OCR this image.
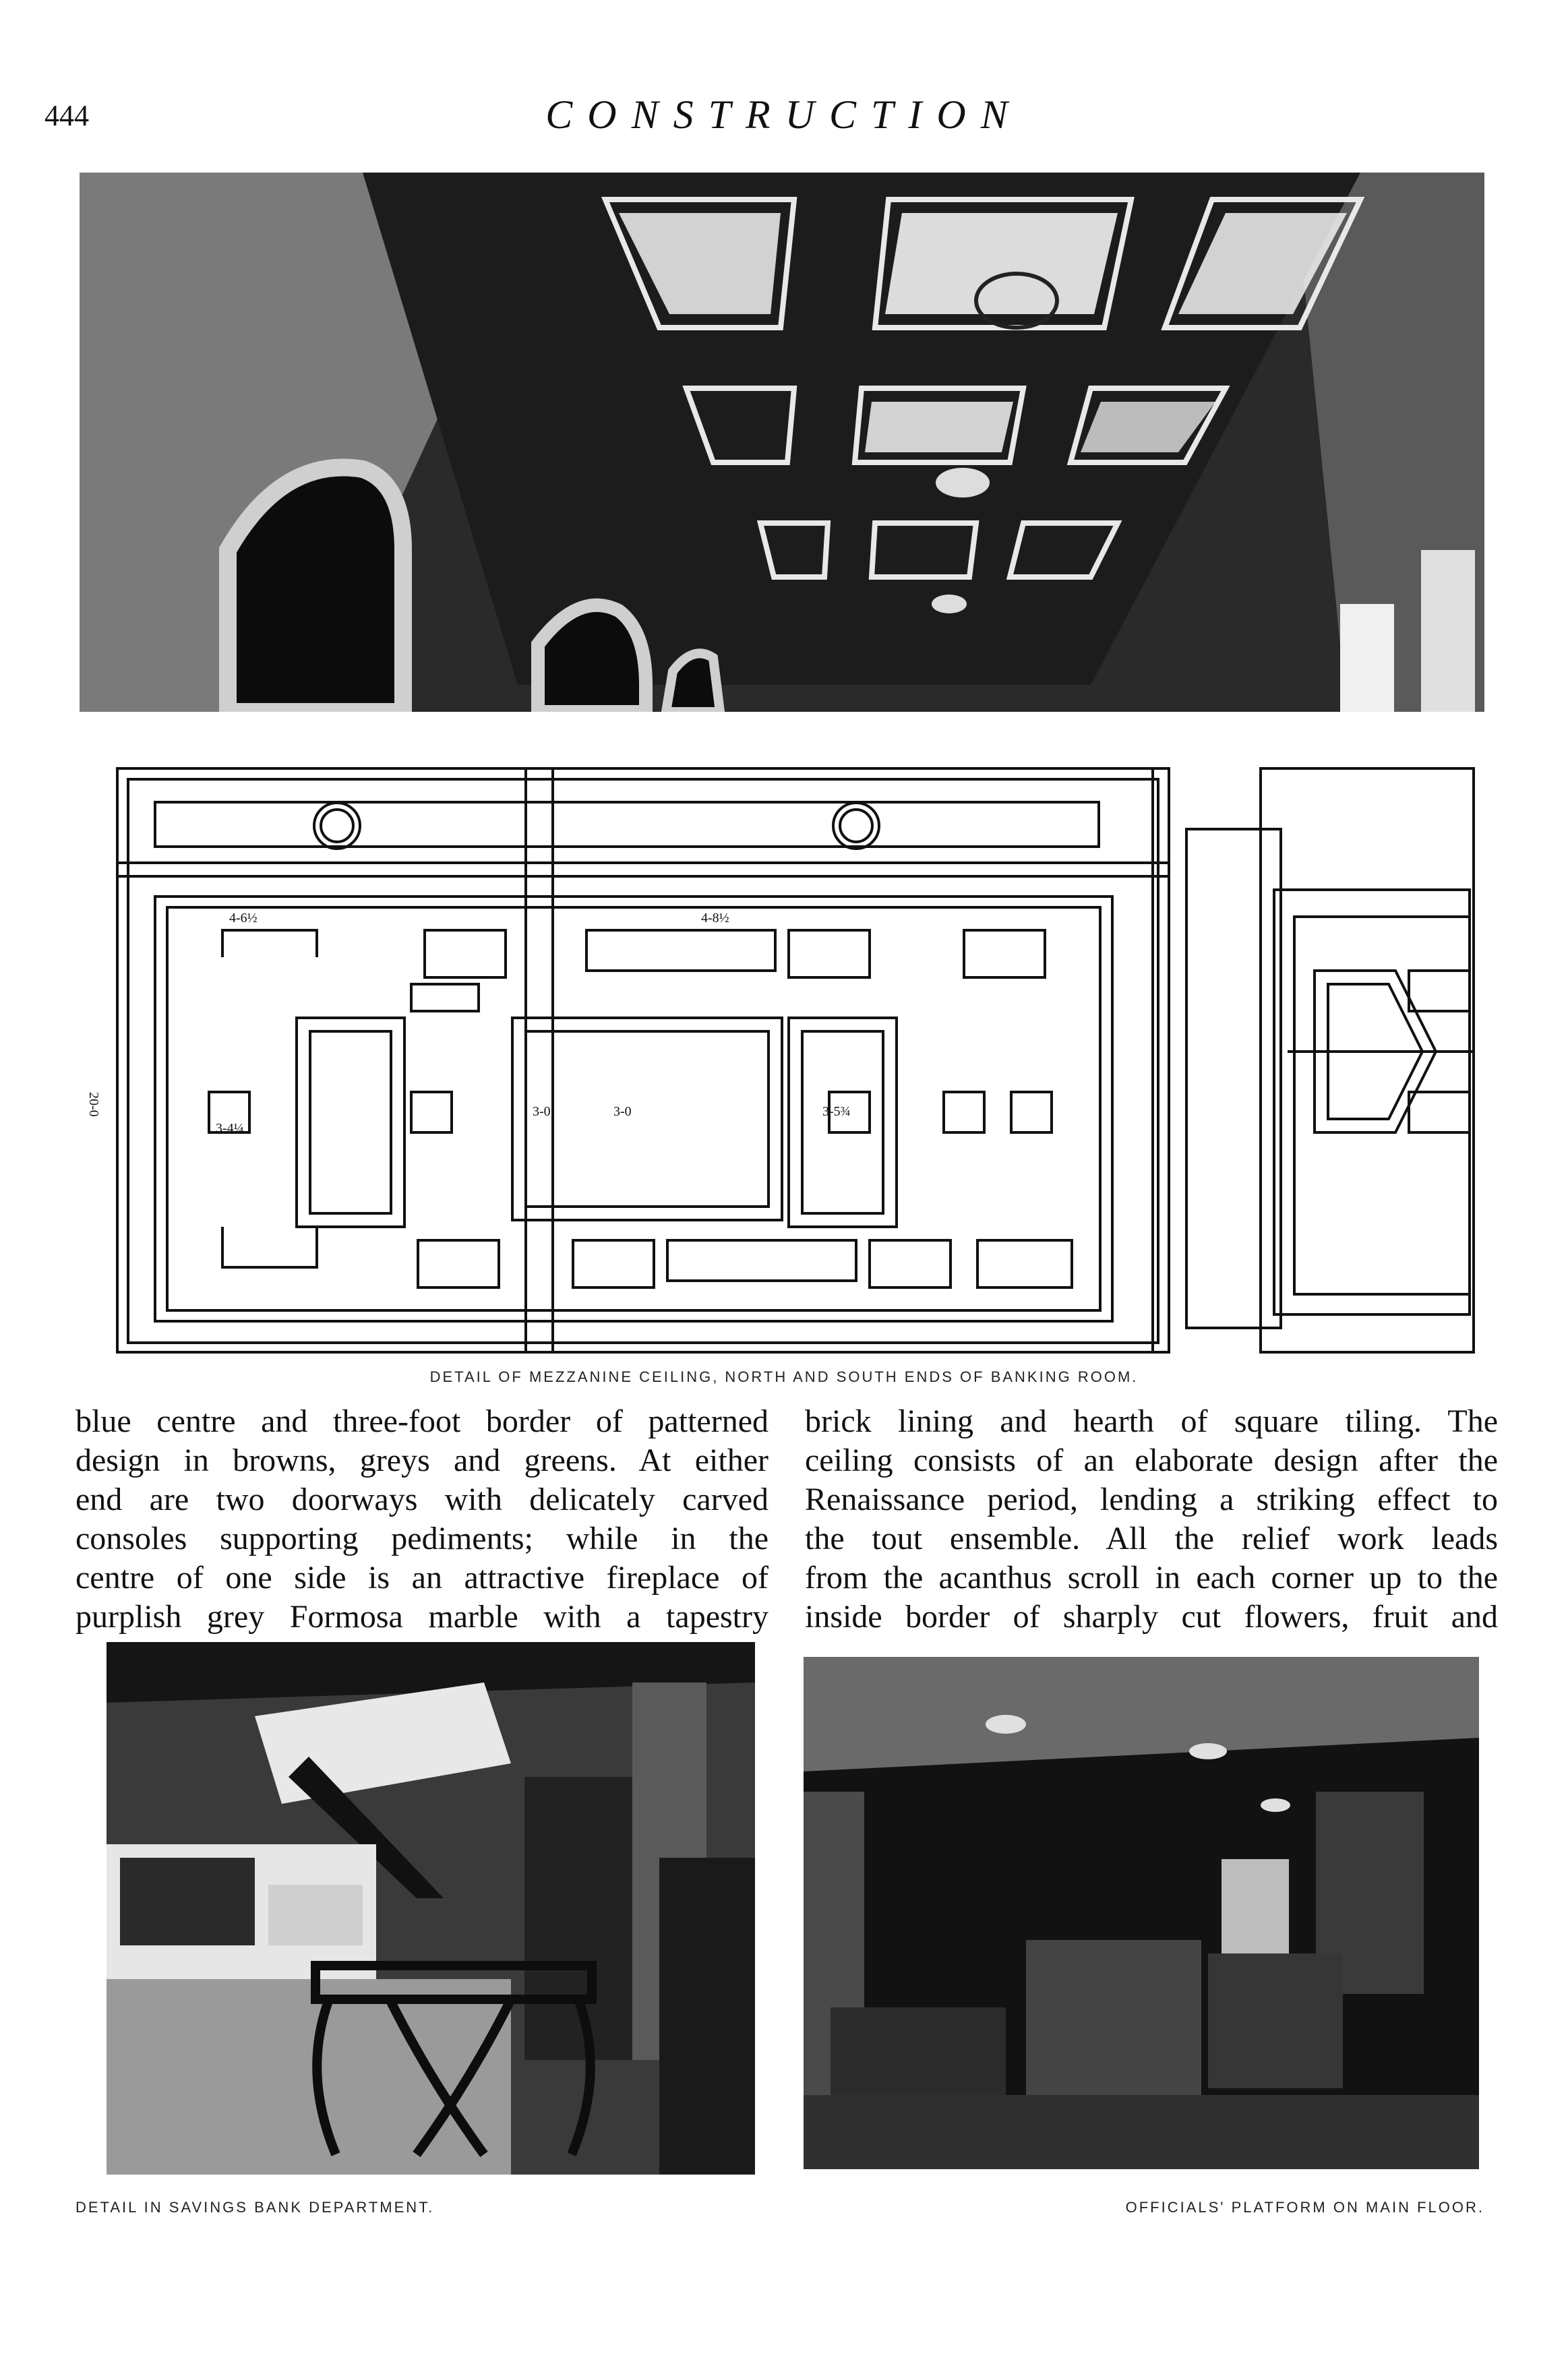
444	CONSTRUCTION
4-6½	4-8½
3-0	3-0	3-5¾
3-4¼
20-0
DETAIL OF MEZZANINE CEILING, NORTH AND SOUTH ENDS OF BANKING ROOM.

blue centre and three-foot border of patterned

design in browns, greys and greens. At either

end are two doorways with delicately carved

consoles supporting pediments; while in the

centre of one side is an attractive fireplace of

purplish grey Formosa marble with a tapestry

brick lining and hearth of square tiling. The

ceiling consists of an elaborate design after the

Renaissance period, lending a striking effect to

the tout ensemble. All the relief work leads

from the acanthus scroll in each corner up to the

inside border of sharply cut flowers, fruit and

DETAIL IN SAVINGS BANK DEPARTMENT.	OFFICIALS' PLATFORM ON MAIN FLOOR.
